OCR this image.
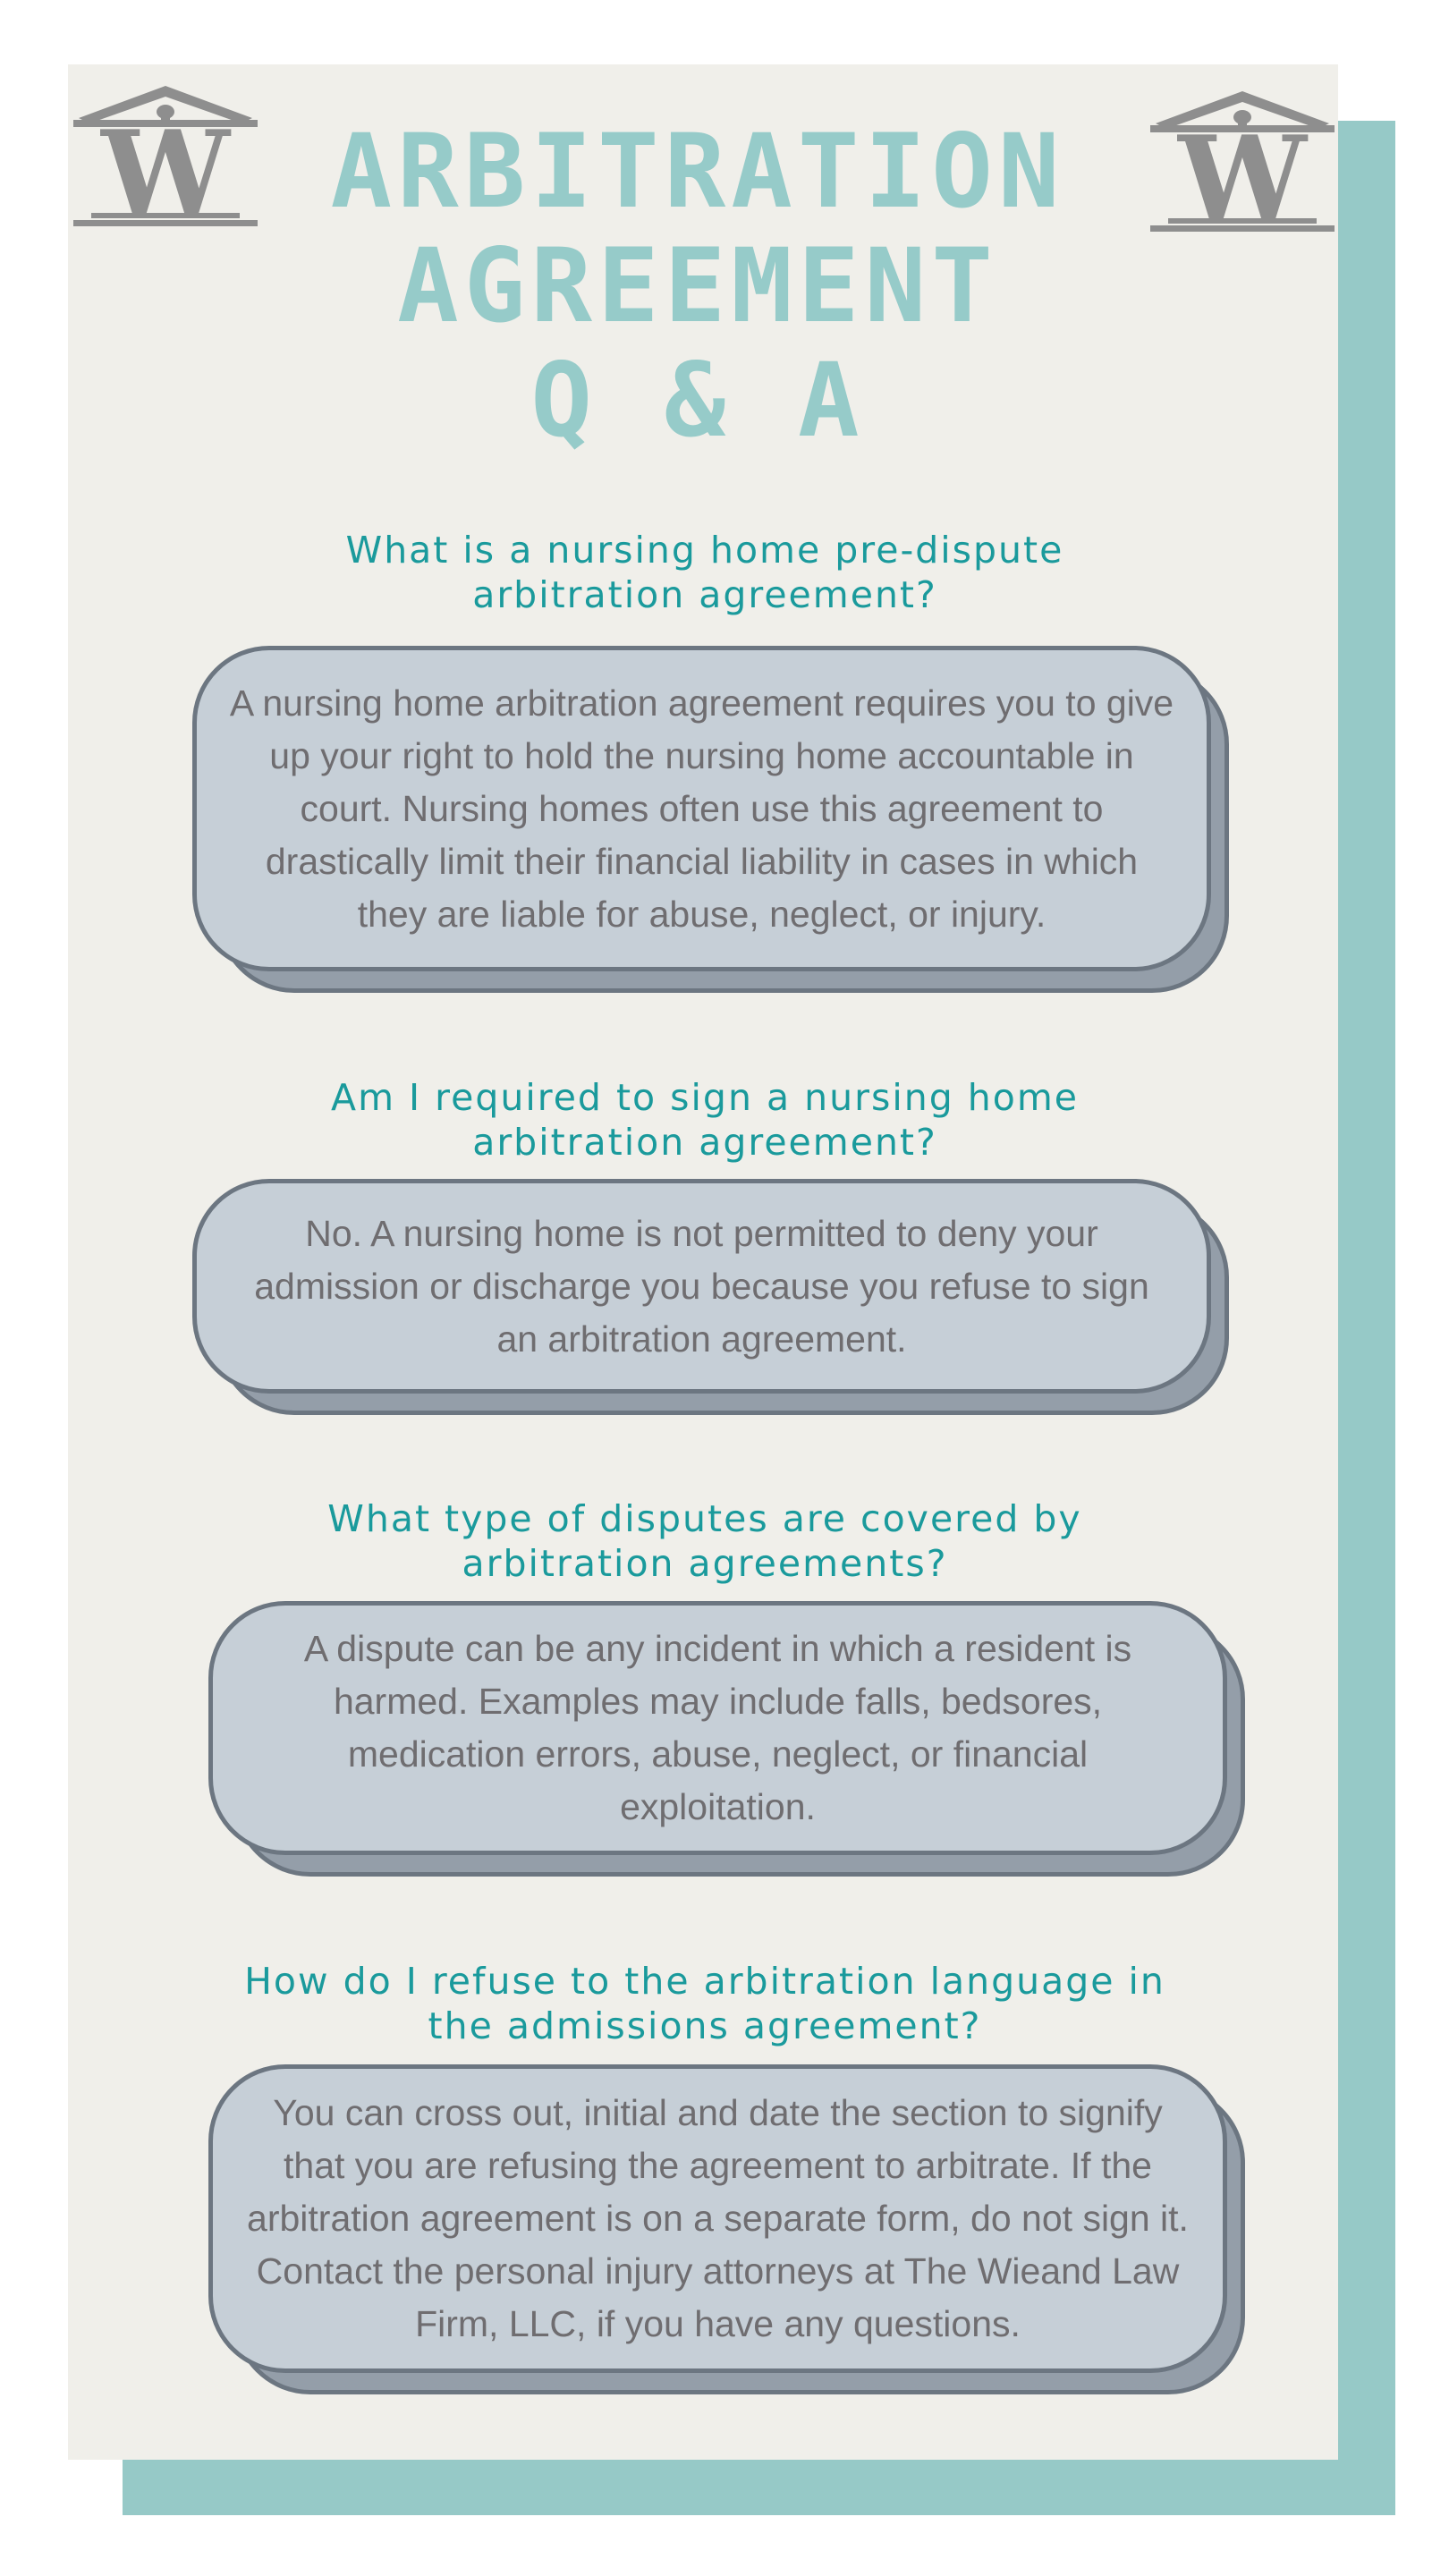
W	W
ARBITRATION
AGREEMENT
Q & A
What is a nursing home pre-dispute
arbitration agreement?
A nursing home arbitration agreement requires you to give up your right to hold the nursing home accountable in court. Nursing homes often use this agreement to drastically limit their financial liability in cases in which they are liable for abuse, neglect, or injury.
Am I required to sign a nursing home
arbitration agreement?
No. A nursing home is not permitted to deny your admission or discharge you because you refuse to sign an arbitration agreement.
What type of disputes are covered by
arbitration agreements?
A dispute can be any incident in which a resident is harmed. Examples may include falls, bedsores, medication errors, abuse, neglect, or financial exploitation.
How do I refuse to the arbitration language in
the admissions agreement?
You can cross out, initial and date the section to signify that you are refusing the agreement to arbitrate. If the arbitration agreement is on a separate form, do not sign it. Contact the personal injury attorneys at The Wieand Law Firm, LLC, if you have any questions.
